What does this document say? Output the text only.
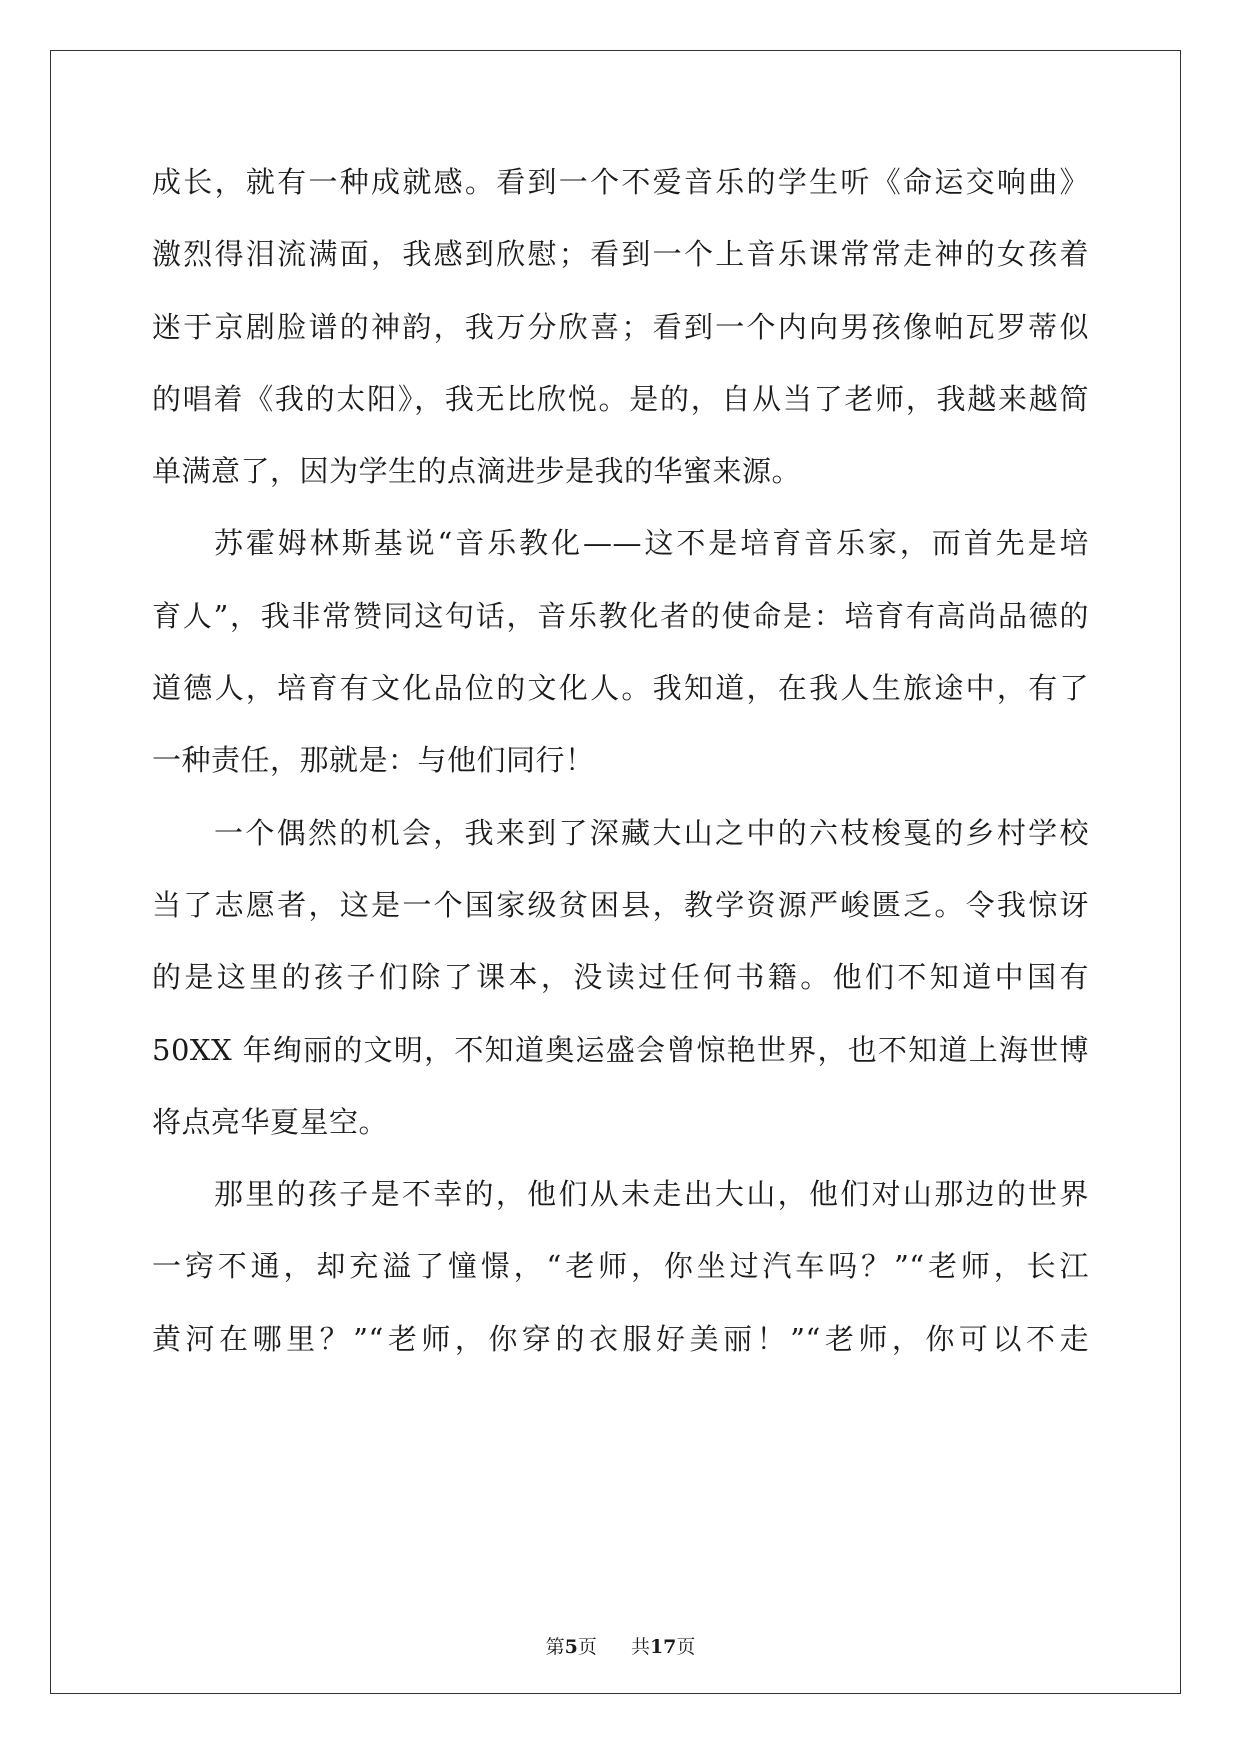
成长，就有一种成就感。看到一个不爱音乐的学生听《命运交响曲》
激烈得泪流满面，我感到欣慰；看到一个上音乐课常常走神的女孩着
迷于京剧脸谱的神韵，我万分欣喜；看到一个内向男孩像帕瓦罗蒂似
的唱着《我的太阳》，我无比欣悦。是的，自从当了老师，我越来越简
单满意了，因为学生的点滴进步是我的华蜜来源。
苏霍姆林斯基说“音乐教化——这不是培育音乐家，而首先是培
育人”，我非常赞同这句话，音乐教化者的使命是：培育有高尚品德的
道德人，培育有文化品位的文化人。我知道，在我人生旅途中，有了
一种责任，那就是：与他们同行！
一个偶然的机会，我来到了深藏大山之中的六枝梭戛的乡村学校
当了志愿者，这是一个国家级贫困县，教学资源严峻匮乏。令我惊讶
的是这里的孩子们除了课本，没读过任何书籍。他们不知道中国有
50XX 年绚丽的文明，不知道奥运盛会曾惊艳世界，也不知道上海世博
将点亮华夏星空。
那里的孩子是不幸的，他们从未走出大山，他们对山那边的世界
一窍不通，却充溢了憧憬，“老师，你坐过汽车吗？”“老师，长江
黄河在哪里？”“老师，你穿的衣服好美丽！”“老师，你可以不走
第5页 共17页
